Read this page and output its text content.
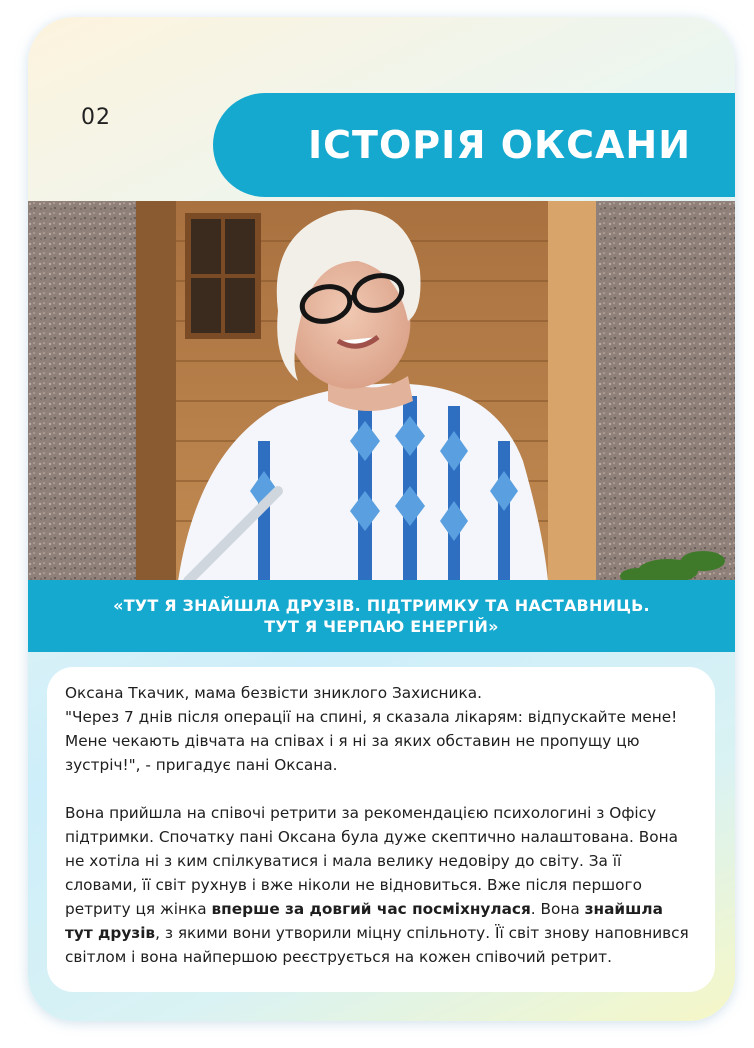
02
ІСТОРІЯ ОКСАНИ
«ТУТ Я ЗНАЙШЛА ДРУЗІВ. ПІДТРИМКУ ТА НАСТАВНИЦЬ.
ТУТ Я ЧЕРПАЮ ЕНЕРГІЙ»

Оксана Ткачик, мама безвісти зниклого Захисника.
"Через 7 днів після операції на спині, я сказала лікарям: відпускайте мене! Мене чекають дівчата на співах і я ні за яких обставин не пропущу цю зустріч!", - пригадує пані Оксана.

Вона прийшла на співочі ретрити за рекомендацією психологині з Офісу підтримки. Спочатку пані Оксана була дуже скептично налаштована. Вона не хотіла ні з ким спілкуватися і мала велику недовіру до світу. За її словами, її світ рухнув і вже ніколи не відновиться. Вже після першого ретриту ця жінка вперше за довгий час посміхнулася. Вона знайшла тут друзів, з якими вони утворили міцну спільноту. Її світ знову наповнився світлом і вона найпершою реєструється на кожен співочий ретрит.
